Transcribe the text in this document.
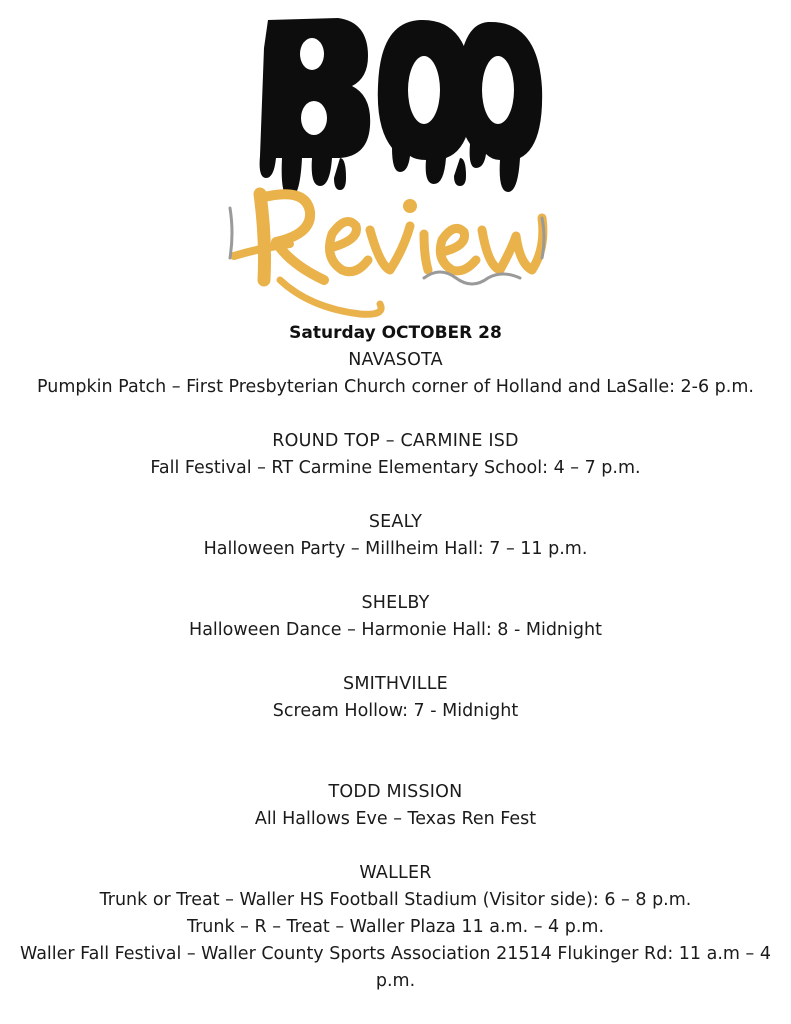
Saturday OCTOBER 28
NAVASOTA
Pumpkin Patch – First Presbyterian Church corner of Holland and LaSalle: 2-6 p.m.
ROUND TOP – CARMINE ISD
Fall Festival – RT Carmine Elementary School: 4 – 7 p.m.
SEALY
Halloween Party – Millheim Hall: 7 – 11 p.m.
SHELBY
Halloween Dance – Harmonie Hall: 8 - Midnight
SMITHVILLE
Scream Hollow: 7 - Midnight
TODD MISSION
All Hallows Eve – Texas Ren Fest
WALLER
Trunk or Treat – Waller HS Football Stadium (Visitor side): 6 – 8 p.m.
Trunk – R – Treat – Waller Plaza 11 a.m. – 4 p.m.
Waller Fall Festival – Waller County Sports Association 21514 Flukinger Rd: 11 a.m – 4 p.m.
